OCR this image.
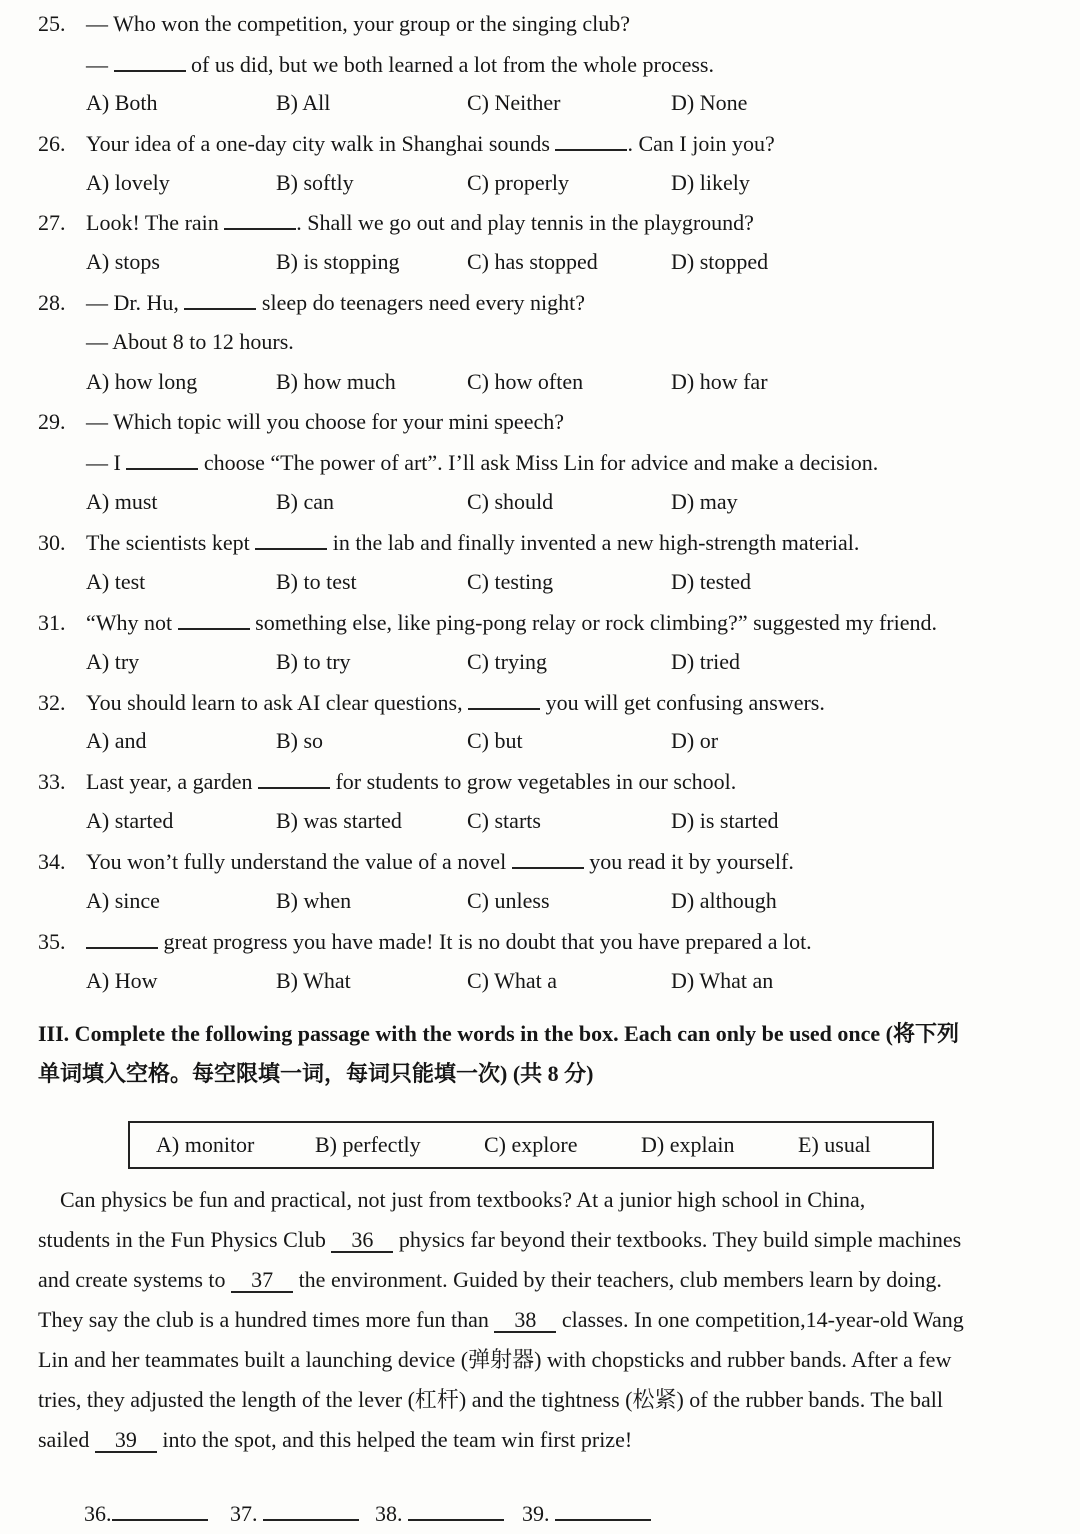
25. — Who won the competition, your group or the singing club?
—	of us did, but we both learned a lot from the whole process.
A) Both	B) All	C) Neither	D) None
26. Your idea of a one-day city walk in Shanghai sounds	. Can I join you?
A) lovely	B) softly	C) properly	D) likely
27. Look! The rain	. Shall we go out and play tennis in the playground?
A) stops	B) is stopping	C) has stopped	D) stopped
28. — Dr. Hu,	sleep do teenagers need every night?
— About 8 to 12 hours.
A) how long	B) how much	C) how often	D) how far
29. — Which topic will you choose for your mini speech?
— I	choose “The power of art”. I’ll ask Miss Lin for advice and make a decision.
A) must	B) can	C) should	D) may
30. The scientists kept	in the lab and finally invented a new high-strength material.
A) test	B) to test	C) testing	D) tested
31. “Why not	something else, like ping-pong relay or rock climbing?” suggested my friend.
A) try	B) to try	C) trying	D) tried
32. You should learn to ask AI clear questions,	you will get confusing answers.
A) and	B) so	C) but	D) or
33. Last year, a garden	for students to grow vegetables in our school.
A) started	B) was started	C) starts	D) is started
34. You won’t fully understand the value of a novel	you read it by yourself.
A) since	B) when	C) unless	D) although
35.	great progress you have made! It is no doubt that you have prepared a lot.
A) How	B) What	C) What a	D) What an
III. Complete the following passage with the words in the box. Each can only be used once (将下列
单词填入空格。每空限填一词，每词只能填一次) (共 8 分)
A) monitor	B) perfectly	C) explore	D) explain	E) usual
Can physics be fun and practical, not just from textbooks? At a junior high school in China,
students in the Fun Physics Club 36 physics far beyond their textbooks. They build simple machines
and create systems to 37 the environment. Guided by their teachers, club members learn by doing.
They say the club is a hundred times more fun than 38 classes. In one competition,14-year-old Wang
Lin and her teammates built a launching device (弹射器) with chopsticks and rubber bands. After a few
tries, they adjusted the length of the lever (杠杆) and the tightness (松紧) of the rubber bands. The ball
sailed 39 into the spot, and this helped the team win first prize!
36.	37.	38.	39.
